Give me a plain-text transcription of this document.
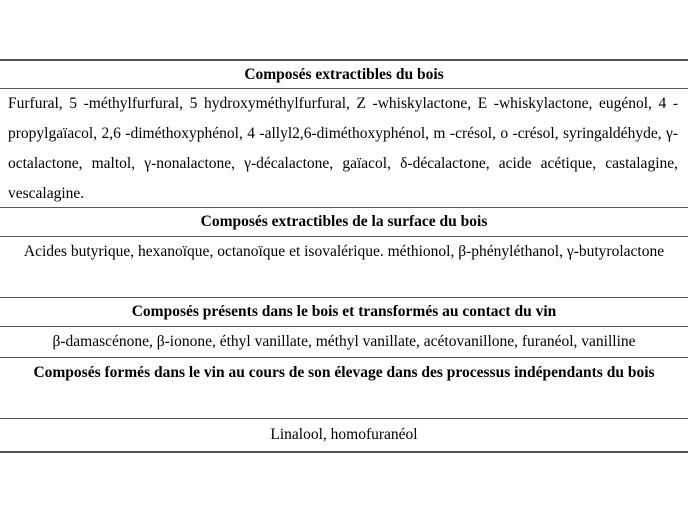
Composés extractibles du bois
Furfural, 5 -méthylfurfural, 5 hydroxyméthylfurfural, Z -whiskylactone, E -whiskylactone, eugénol, 4 -propylgaïacol, 2,6 -diméthoxyphénol, 4 -allyl2,6-diméthoxyphénol, m -crésol, o -crésol, syringaldéhyde, γ-octalactone, maltol, γ-nonalactone, γ-décalactone, gaïacol, δ-décalactone, acide acétique, castalagine, vescalagine.
Composés extractibles de la surface du bois
Acides butyrique, hexanoïque, octanoïque et isovalérique. méthionol, β-phényléthanol, γ-butyrolactone
Composés présents dans le bois et transformés au contact du vin
β-damascénone, β-ionone, éthyl vanillate, méthyl vanillate, acétovanillone, furanéol, vanilline
Composés formés dans le vin au cours de son élevage dans des processus indépendants du bois
Linalool, homofuranéol
